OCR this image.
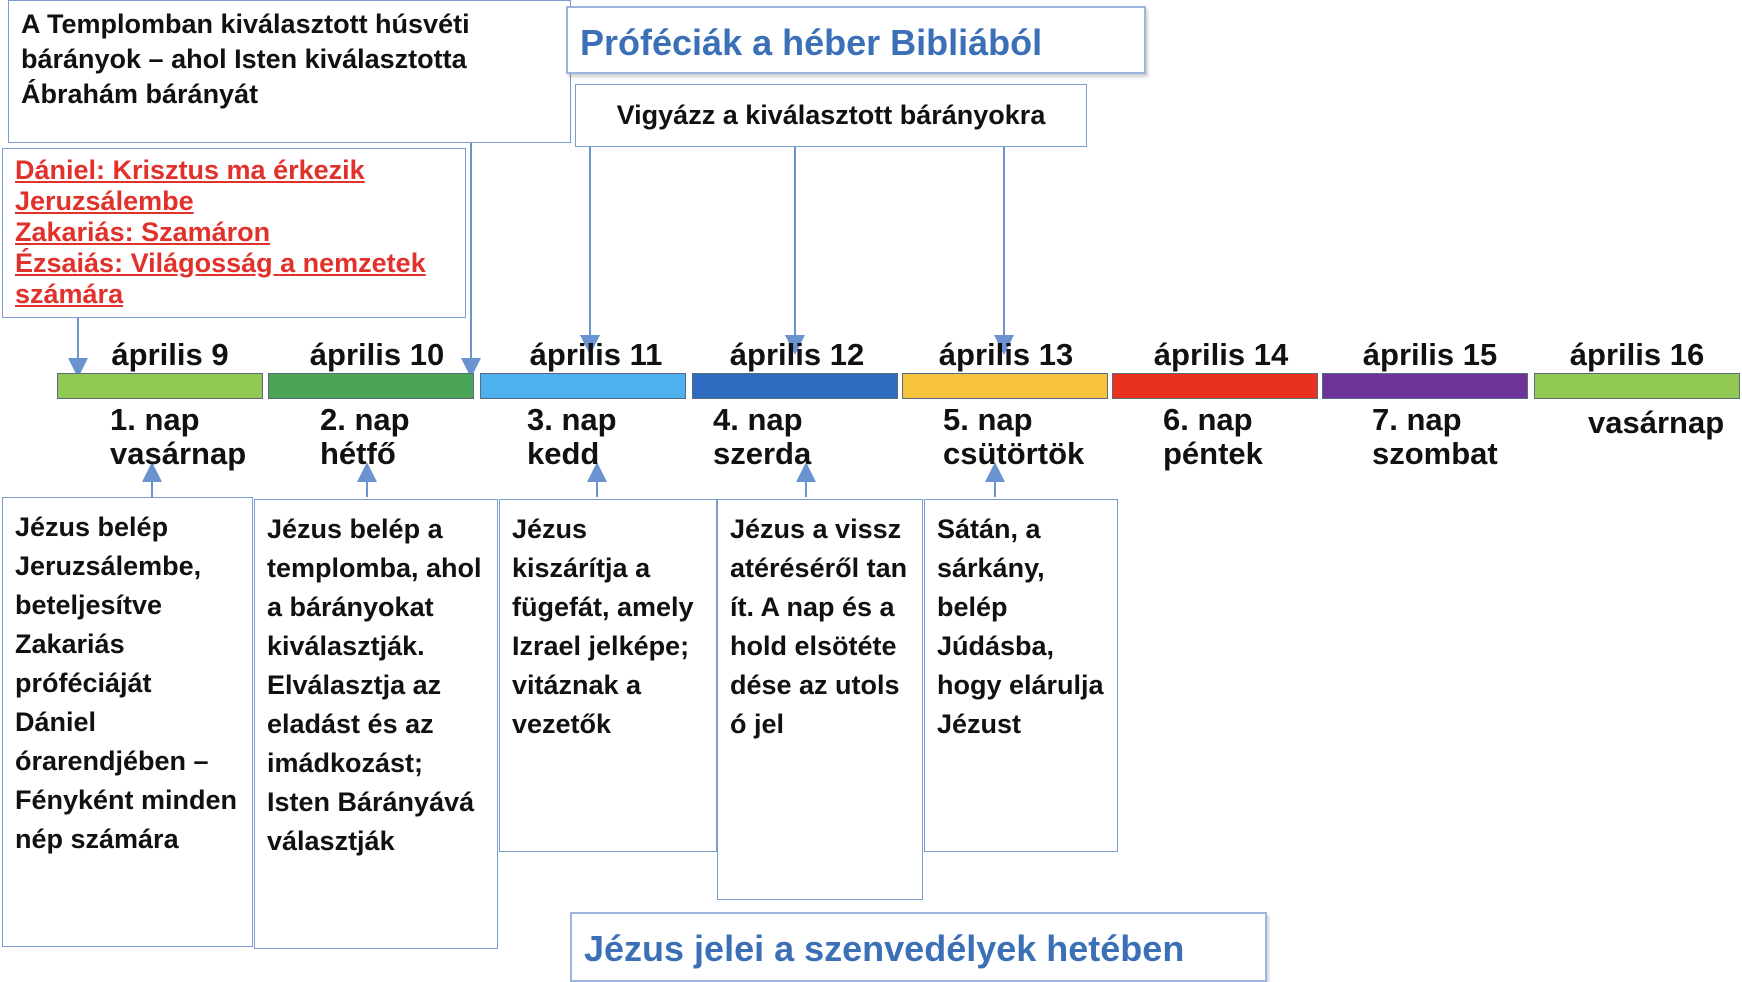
A Templomban kiválasztott húsvéti bárányok – ahol Isten kiválasztotta Ábrahám bárányát
Próféciák a héber Bibliából
Vigyázz a kiválasztott bárányokra
Dániel: Krisztus ma érkezik Jeruzsálembe
Zakariás: Szamáron
Ézsaiás: Világosság a nemzetek számára
április 9	április 10	április 11	április 12	április 13	április 14	április 15	április 16
1. nap
vasárnap
2. nap
hétfő
3. nap
kedd
4. nap
szerda
5. nap
csütörtök
6. nap
péntek
7. nap
szombat
vasárnap
Jézus belép Jeruzsálembe, beteljesítve Zakariás próféciáját Dániel órarendjében – Fényként minden nép számára
Jézus belép a templomba, ahol a bárányokat kiválasztják. Elválasztja az eladást és az imádkozást; Isten Bárányává választják
Jézus kiszárítja a fügefát, amely Izrael jelképe; vitáznak a vezetők
Jézus a visszatéréséről tanít. A nap és a hold elsötétedése az utolsó jel
Sátán, a sárkány, belép Júdásba, hogy elárulja Jézust
Jézus jelei a szenvedélyek hetében
